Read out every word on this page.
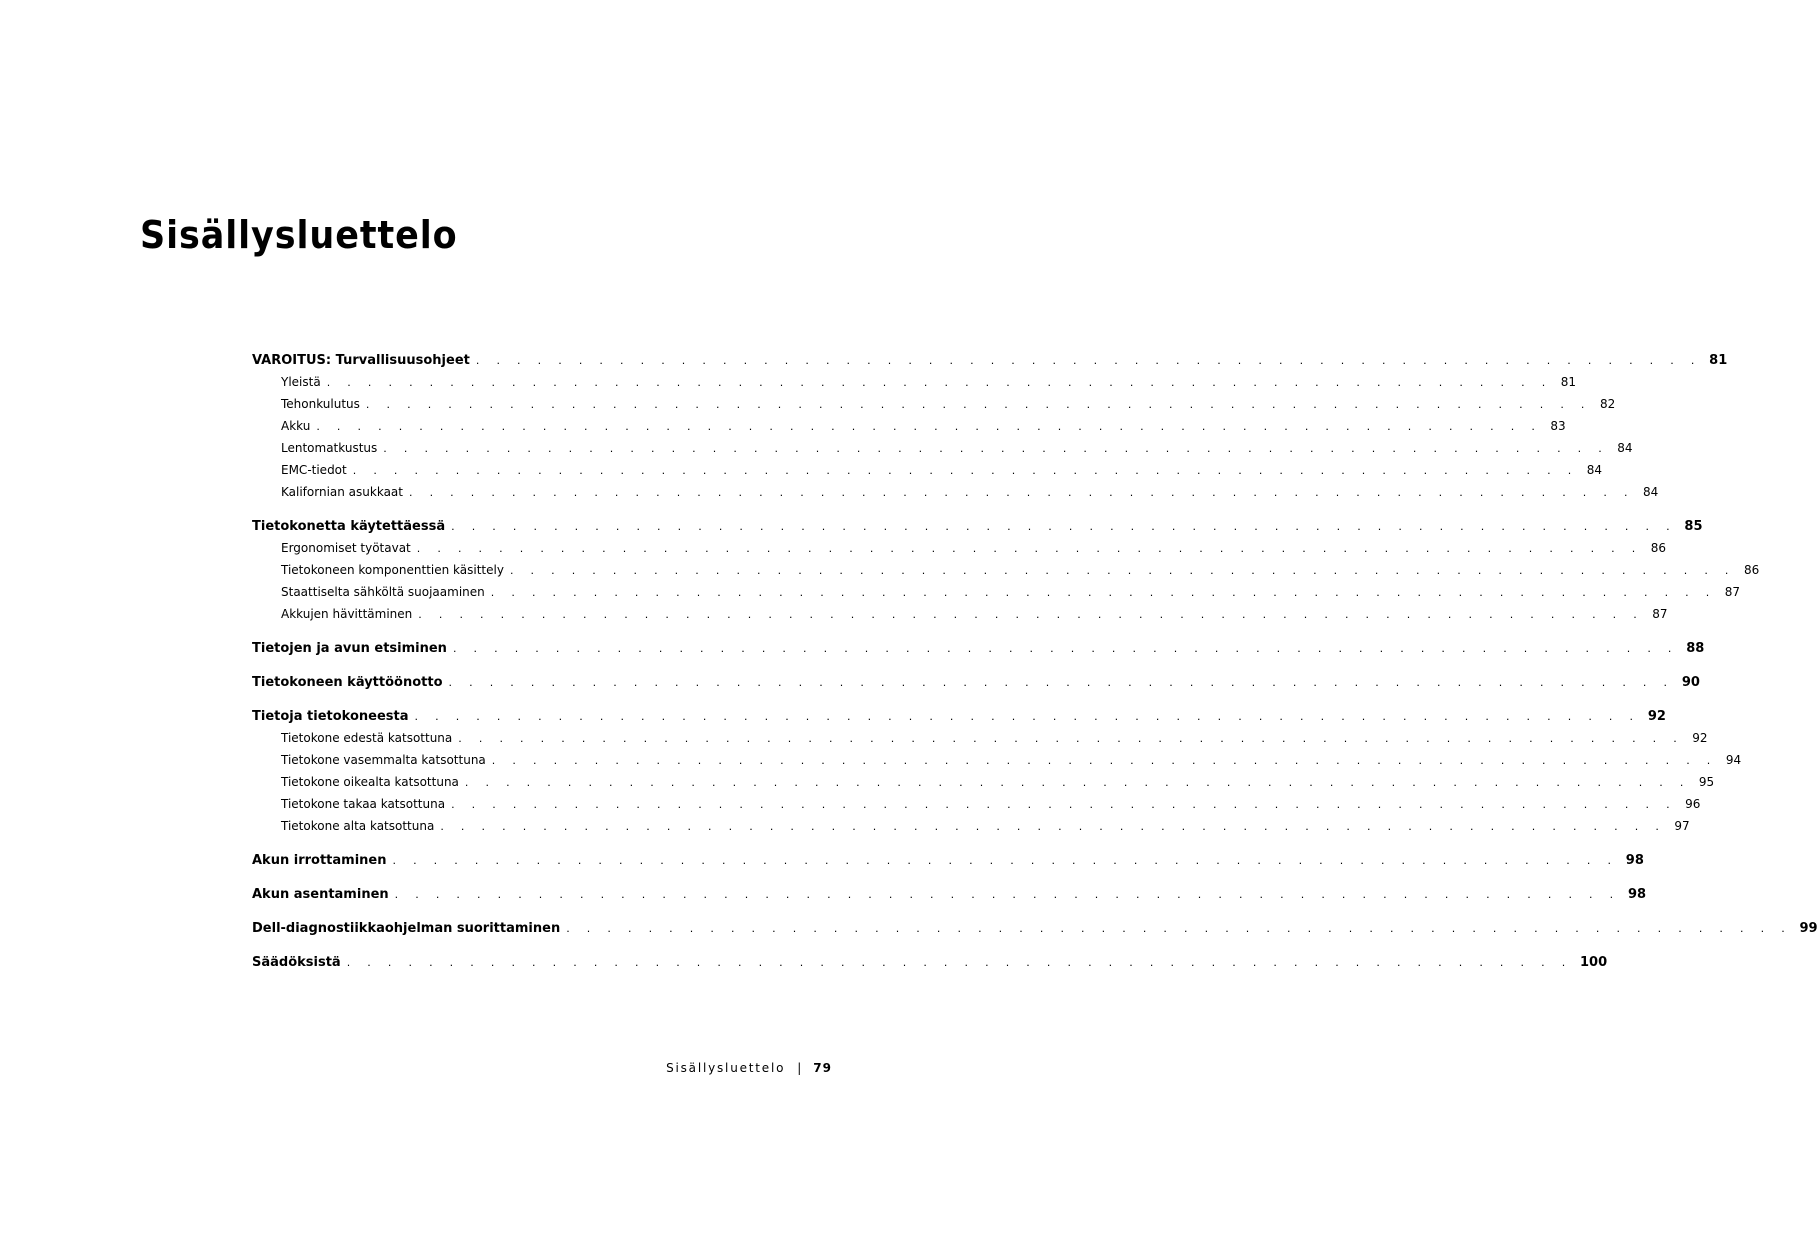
Sisällysluettelo
VAROITUS: Turvallisuusohjeet . . . . . . . . . . . . . . . . . . . . . . . . . . . . . . . . . . . . . . . . . . . . . . . . . . . . . . . . . . . . 81
Yleistä . . . . . . . . . . . . . . . . . . . . . . . . . . . . . . . . . . . . . . . . . . . . . . . . . . . . . . . . . . . . 81
Tehonkulutus . . . . . . . . . . . . . . . . . . . . . . . . . . . . . . . . . . . . . . . . . . . . . . . . . . . . . . . . . . . . 82
Akku . . . . . . . . . . . . . . . . . . . . . . . . . . . . . . . . . . . . . . . . . . . . . . . . . . . . . . . . . . . . 83
Lentomatkustus . . . . . . . . . . . . . . . . . . . . . . . . . . . . . . . . . . . . . . . . . . . . . . . . . . . . . . . . . . . . 84
EMC-tiedot . . . . . . . . . . . . . . . . . . . . . . . . . . . . . . . . . . . . . . . . . . . . . . . . . . . . . . . . . . . . 84
Kalifornian asukkaat . . . . . . . . . . . . . . . . . . . . . . . . . . . . . . . . . . . . . . . . . . . . . . . . . . . . . . . . . . . . 84
Tietokonetta käytettäessä . . . . . . . . . . . . . . . . . . . . . . . . . . . . . . . . . . . . . . . . . . . . . . . . . . . . . . . . . . . . 85
Ergonomiset työtavat . . . . . . . . . . . . . . . . . . . . . . . . . . . . . . . . . . . . . . . . . . . . . . . . . . . . . . . . . . . . 86
Tietokoneen komponenttien käsittely . . . . . . . . . . . . . . . . . . . . . . . . . . . . . . . . . . . . . . . . . . . . . . . . . . . . . . . . . . . . 86
Staattiselta sähköltä suojaaminen . . . . . . . . . . . . . . . . . . . . . . . . . . . . . . . . . . . . . . . . . . . . . . . . . . . . . . . . . . . . 87
Akkujen hävittäminen . . . . . . . . . . . . . . . . . . . . . . . . . . . . . . . . . . . . . . . . . . . . . . . . . . . . . . . . . . . . 87
Tietojen ja avun etsiminen . . . . . . . . . . . . . . . . . . . . . . . . . . . . . . . . . . . . . . . . . . . . . . . . . . . . . . . . . . . . 88
Tietokoneen käyttöönotto . . . . . . . . . . . . . . . . . . . . . . . . . . . . . . . . . . . . . . . . . . . . . . . . . . . . . . . . . . . . 90
Tietoja tietokoneesta . . . . . . . . . . . . . . . . . . . . . . . . . . . . . . . . . . . . . . . . . . . . . . . . . . . . . . . . . . . . 92
Tietokone edestä katsottuna . . . . . . . . . . . . . . . . . . . . . . . . . . . . . . . . . . . . . . . . . . . . . . . . . . . . . . . . . . . . 92
Tietokone vasemmalta katsottuna . . . . . . . . . . . . . . . . . . . . . . . . . . . . . . . . . . . . . . . . . . . . . . . . . . . . . . . . . . . . 94
Tietokone oikealta katsottuna . . . . . . . . . . . . . . . . . . . . . . . . . . . . . . . . . . . . . . . . . . . . . . . . . . . . . . . . . . . . 95
Tietokone takaa katsottuna . . . . . . . . . . . . . . . . . . . . . . . . . . . . . . . . . . . . . . . . . . . . . . . . . . . . . . . . . . . . 96
Tietokone alta katsottuna . . . . . . . . . . . . . . . . . . . . . . . . . . . . . . . . . . . . . . . . . . . . . . . . . . . . . . . . . . . . 97
Akun irrottaminen . . . . . . . . . . . . . . . . . . . . . . . . . . . . . . . . . . . . . . . . . . . . . . . . . . . . . . . . . . . . 98
Akun asentaminen . . . . . . . . . . . . . . . . . . . . . . . . . . . . . . . . . . . . . . . . . . . . . . . . . . . . . . . . . . . . 98
Dell-diagnostiikkaohjelman suorittaminen . . . . . . . . . . . . . . . . . . . . . . . . . . . . . . . . . . . . . . . . . . . . . . . . . . . . . . . . . . . . 99
Säädöksistä . . . . . . . . . . . . . . . . . . . . . . . . . . . . . . . . . . . . . . . . . . . . . . . . . . . . . . . . . . . . 100
Sisällysluettelo | 79
